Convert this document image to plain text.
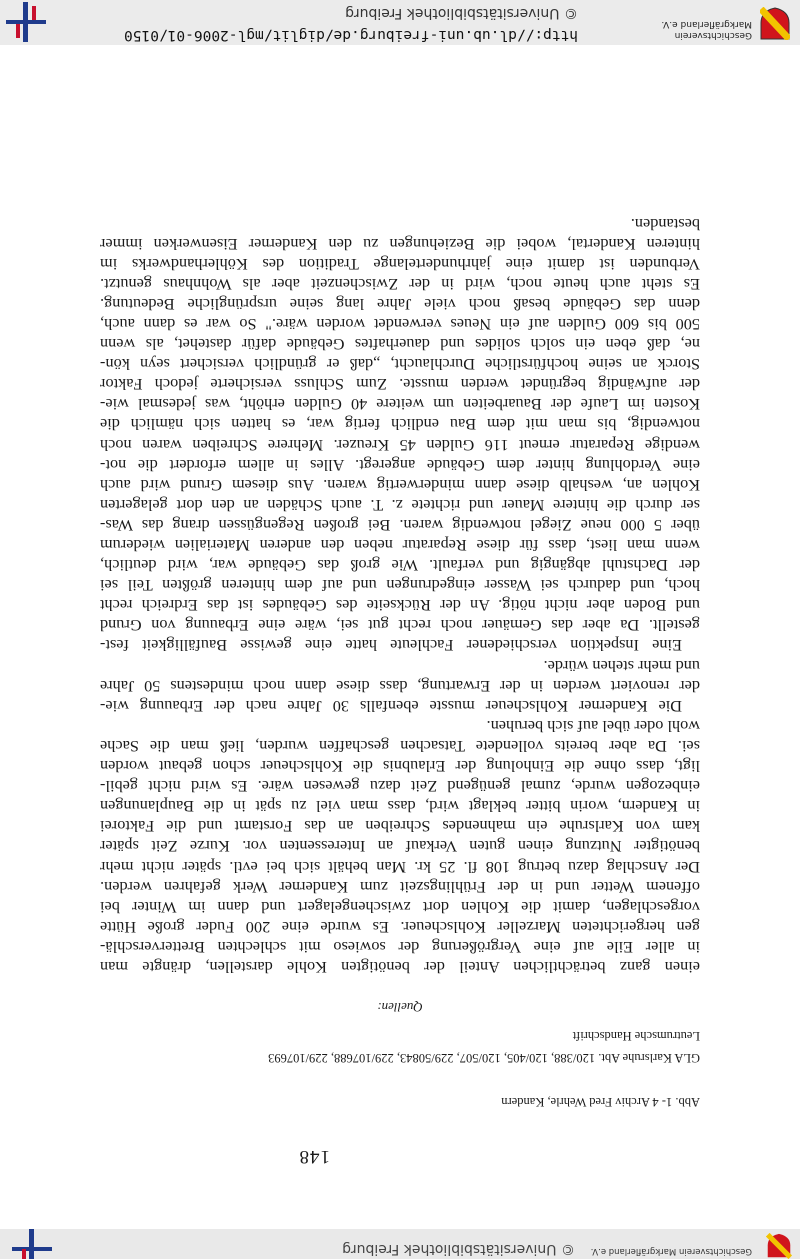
Geschichtsverein Markgräflerland e.V.
© Universitätsbibliothek Freiburg
148
Abb. 1- 4 Archiv Fred Wehrle, Kandern
GLA Karlsruhe Abt. 120/388, 120/405, 120/507, 229/50843, 229/107688, 229/107693
Leutrumsche Handschrift
Quellen:

einen ganz beträchtlichen Anteil der benötigten Kohle darstellen, drängte man

in aller Eile auf eine Vergrößerung der sowieso mit schlechten Bretterverschlä-

gen hergerichteten Marzeller Kohlscheuer. Es wurde eine 200 Fuder große Hütte

vorgeschlagen, damit die Kohlen dort zwischengelagert und dann im Winter bei

offenem Wetter und in der Frühlingszeit zum Kanderner Werk gefahren werden.

Der Anschlag dazu betrug 108 fl. 25 kr. Man behält sich bei evtl. später nicht mehr

benötigter Nutzung einen guten Verkauf an Interessenten vor. Kurze Zeit später

kam von Karlsruhe ein mahnendes Schreiben an das Forstamt und die Faktorei

in Kandern, worin bitter beklagt wird, dass man viel zu spät in die Bauplanungen

einbezogen wurde, zumal genügend Zeit dazu gewesen wäre. Es wird nicht gebil-

ligt, dass ohne die Einholung der Erlaubnis die Kohlscheuer schon gebaut worden

sei. Da aber bereits vollendete Tatsachen geschaffen wurden, ließ man die Sache

wohl oder übel auf sich beruhen.

Die Kanderner Kohlscheuer musste ebenfalls 30 Jahre nach der Erbauung wie-

der renoviert werden in der Erwartung, dass diese dann noch mindestens 50 Jahre

und mehr stehen würde.

Eine Inspektion verschiedener Fachleute hatte eine gewisse Baufälligkeit fest-

gestellt. Da aber das Gemäuer noch recht gut sei, wäre eine Erbauung von Grund

und Boden aber nicht nötig. An der Rückseite des Gebäudes ist das Erdreich recht

hoch, und dadurch sei Wasser eingedrungen und auf dem hinteren größten Teil sei

der Dachstuhl abgängig und verfault. Wie groß das Gebäude war, wird deutlich,

wenn man liest, dass für diese Reparatur neben den anderen Materialien wiederum

über 5 000 neue Ziegel notwendig waren. Bei großen Regengüssen drang das Was-

ser durch die hintere Mauer und richtete z. T. auch Schäden an den dort gelagerten

Kohlen an, weshalb diese dann minderwertig waren. Aus diesem Grund wird auch

eine Verdohlung hinter dem Gebäude angeregt. Alles in allem erfordert die not-

wendige Reparatur erneut 116 Gulden 45 Kreuzer. Mehrere Schreiben waren noch

notwendig, bis man mit dem Bau endlich fertig war, es hatten sich nämlich die

Kosten im Laufe der Bauarbeiten um weitere 40 Gulden erhöht, was jedesmal wie-

der aufwändig begründet werden musste. Zum Schluss versicherte jedoch Faktor

Storck an seine hochfürstliche Durchlaucht, „daß er gründlich versichert seyn kön-

ne, daß eben ein solch solides und dauerhaftes Gebäude dafür dastehet, als wenn

500 bis 600 Gulden auf ein Neues verwendet worden wäre." So war es dann auch,

denn das Gebäude besaß noch viele Jahre lang seine ursprüngliche Bedeutung.

Es steht auch heute noch, wird in der Zwischenzeit aber als Wohnhaus genutzt.

Verbunden ist damit eine jahrhundertelange Tradition des Köhlerhandwerks im

hinteren Kandertal, wobei die Beziehungen zu den Kanderner Eisenwerken immer

bestanden.

Geschichtsverein
Markgräflerland e.V.
http://dl.ub.uni-freiburg.de/diglit/mgl-2006-01/0150
© Universitätsbibliothek Freiburg
